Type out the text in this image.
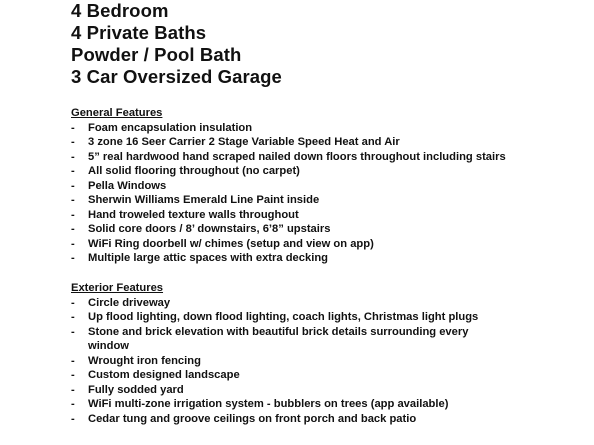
4 Bedroom
4 Private Baths
Powder / Pool Bath
3 Car Oversized Garage
General Features
-	Foam encapsulation insulation
-	3 zone 16 Seer Carrier 2 Stage Variable Speed Heat and Air
-	5” real hardwood hand scraped nailed down floors throughout including stairs
-	All solid flooring throughout (no carpet)
-	Pella Windows
-	Sherwin Williams Emerald Line Paint inside
-	Hand troweled texture walls throughout
-	Solid core doors / 8’ downstairs, 6’8” upstairs
-	WiFi Ring doorbell w/ chimes (setup and view on app)
-	Multiple large attic spaces with extra decking
Exterior Features
-	Circle driveway
-	Up flood lighting, down flood lighting, coach lights, Christmas light plugs
-	Stone and brick elevation with beautiful brick details surrounding every
window
-	Wrought iron fencing
-	Custom designed landscape
-	Fully sodded yard
-	WiFi multi-zone irrigation system - bubblers on trees (app available)
-	Cedar tung and groove ceilings on front porch and back patio
